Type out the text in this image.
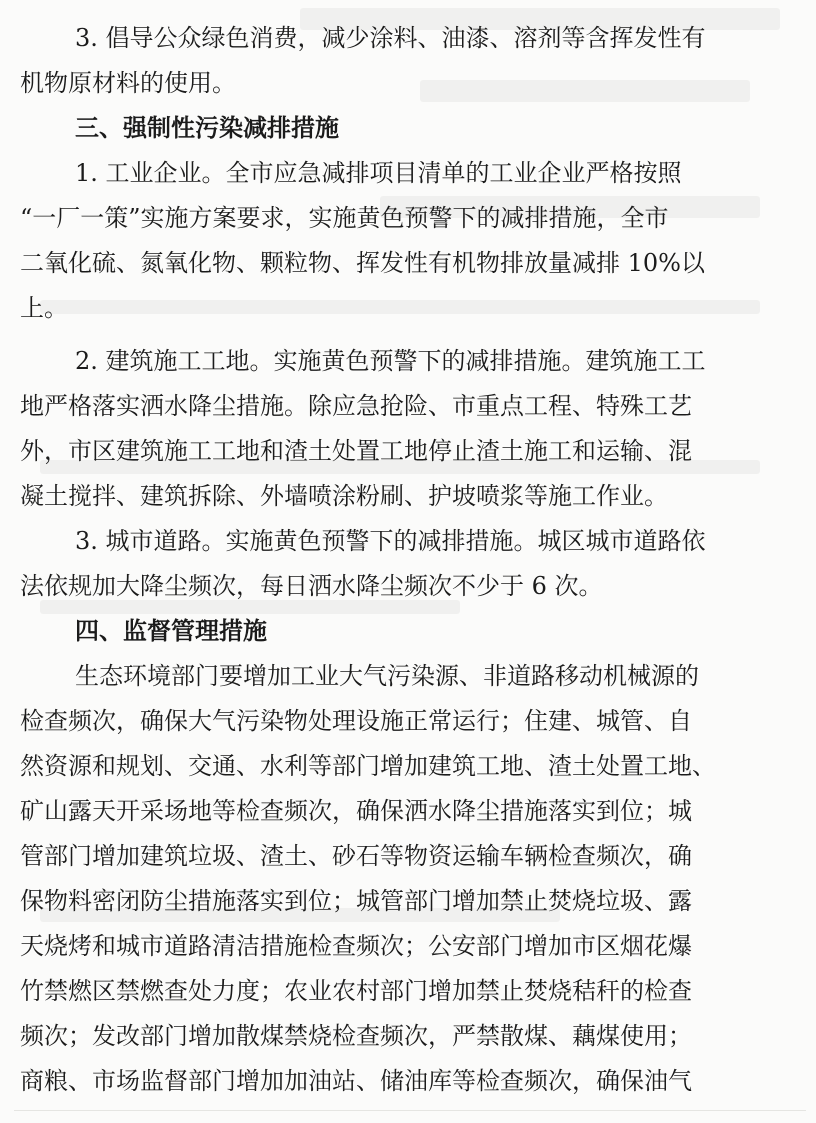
3. 倡导公众绿色消费，减少涂料、油漆、溶剂等含挥发性有
机物原材料的使用。
三、强制性污染减排措施
1. 工业企业。全市应急减排项目清单的工业企业严格按照
“一厂一策”实施方案要求，实施黄色预警下的减排措施，全市
二氧化硫、氮氧化物、颗粒物、挥发性有机物排放量减排 10%以
上。
2. 建筑施工工地。实施黄色预警下的减排措施。建筑施工工
地严格落实洒水降尘措施。除应急抢险、市重点工程、特殊工艺
外，市区建筑施工工地和渣土处置工地停止渣土施工和运输、混
凝土搅拌、建筑拆除、外墙喷涂粉刷、护坡喷浆等施工作业。
3. 城市道路。实施黄色预警下的减排措施。城区城市道路依
法依规加大降尘频次，每日洒水降尘频次不少于 6 次。
四、监督管理措施
生态环境部门要增加工业大气污染源、非道路移动机械源的
检查频次，确保大气污染物处理设施正常运行；住建、城管、自
然资源和规划、交通、水利等部门增加建筑工地、渣土处置工地、
矿山露天开采场地等检查频次，确保洒水降尘措施落实到位；城
管部门增加建筑垃圾、渣土、砂石等物资运输车辆检查频次，确
保物料密闭防尘措施落实到位；城管部门增加禁止焚烧垃圾、露
天烧烤和城市道路清洁措施检查频次；公安部门增加市区烟花爆
竹禁燃区禁燃查处力度；农业农村部门增加禁止焚烧秸秆的检查
频次；发改部门增加散煤禁烧检查频次，严禁散煤、藕煤使用；
商粮、市场监督部门增加加油站、储油库等检查频次，确保油气
